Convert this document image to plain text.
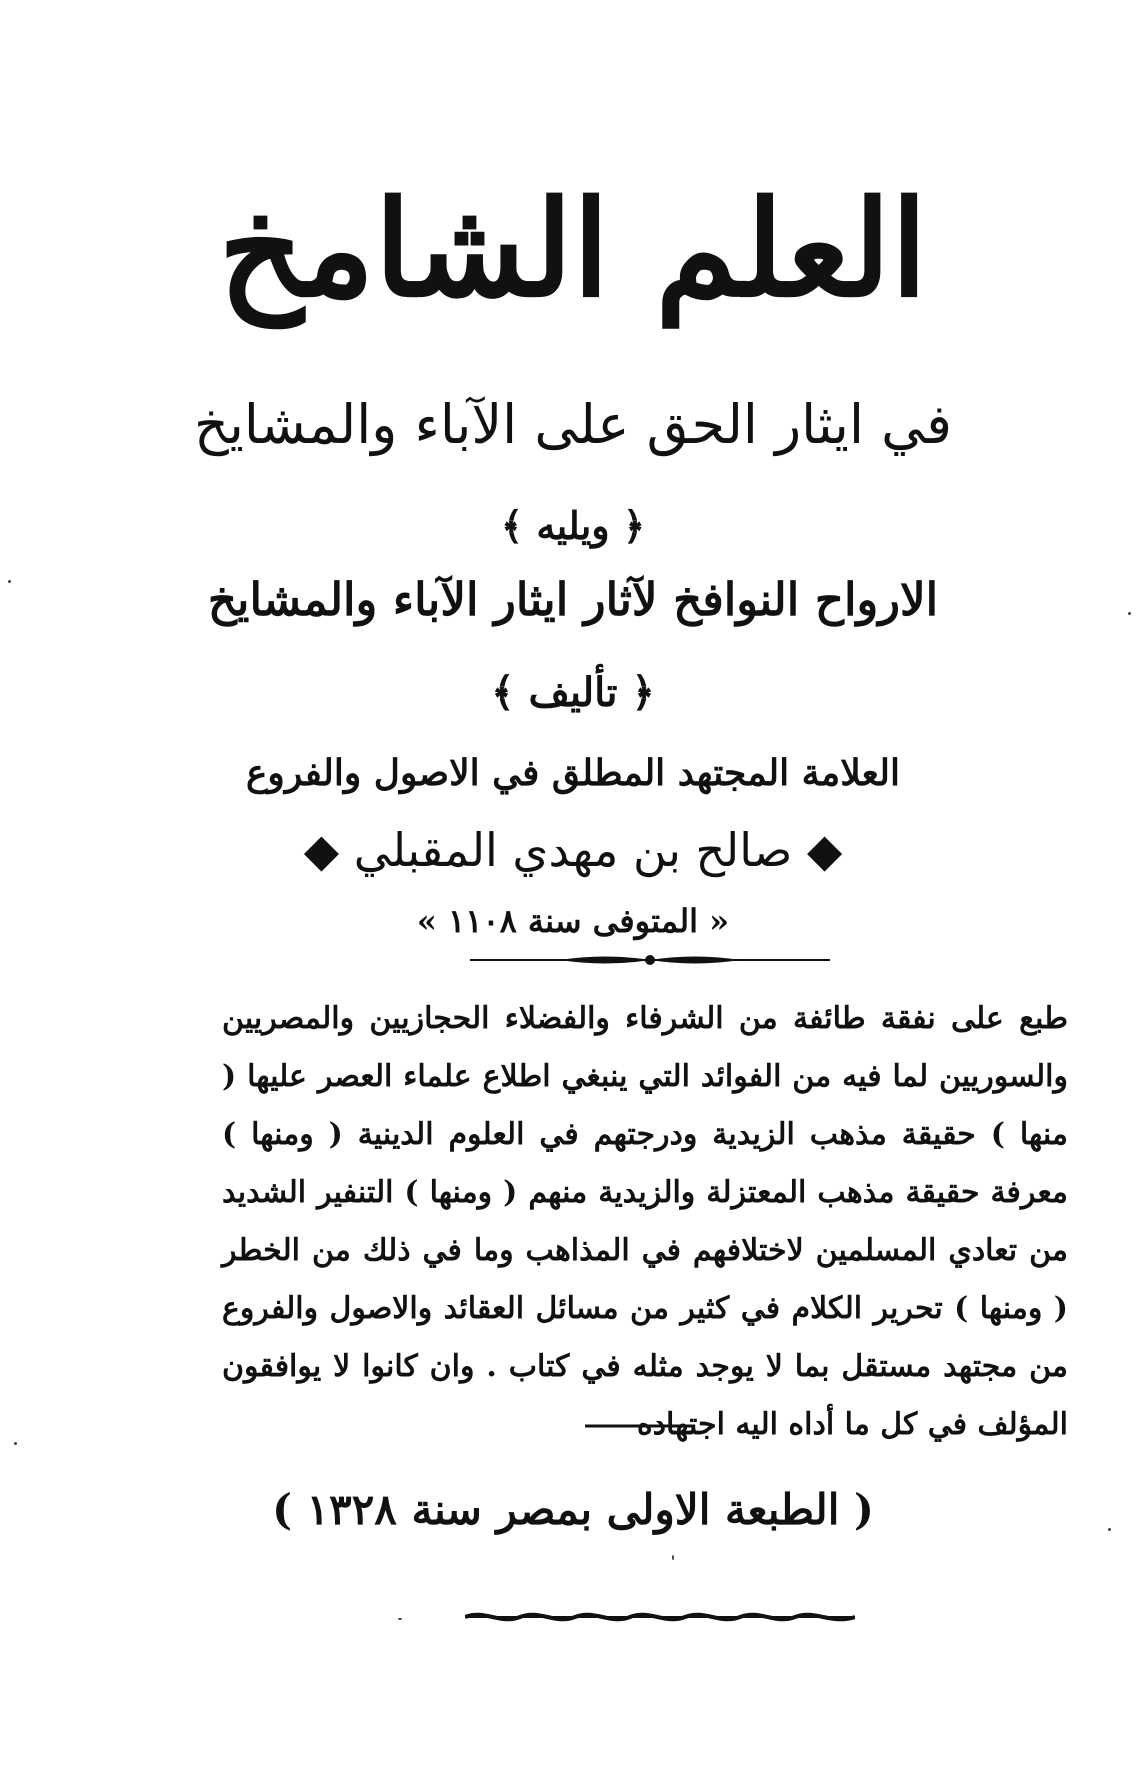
العلم الشامخ
في ايثار الحق على الآباء والمشايخ
﴿ ويليه ﴾
الارواح النوافخ لآثار ايثار الآباء والمشايخ
﴿ تأليف ﴾
العلامة المجتهد المطلق في الاصول والفروع
◆ صالح بن مهدي المقبلي ◆
« المتوفى سنة ١١٠٨ »
طبع على نفقة طائفة من الشرفاء والفضلاء الحجازيين والمصريين والسوريين لما فيه من الفوائد التي ينبغي اطلاع علماء العصر عليها ( منها ) حقيقة مذهب الزيدية ودرجتهم في العلوم الدينية ( ومنها ) معرفة حقيقة مذهب المعتزلة والزيدية منهم ( ومنها ) التنفير الشديد من تعادي المسلمين لاختلافهم في المذاهب وما في ذلك من الخطر ( ومنها ) تحرير الكلام في كثير من مسائل العقائد والاصول والفروع من مجتهد مستقل بما لا يوجد مثله في كتاب . وان كانوا لا يوافقون المؤلف في كل ما أداه اليه اجتهاده
( الطبعة الاولى بمصر سنة ١٣٢٨ )
